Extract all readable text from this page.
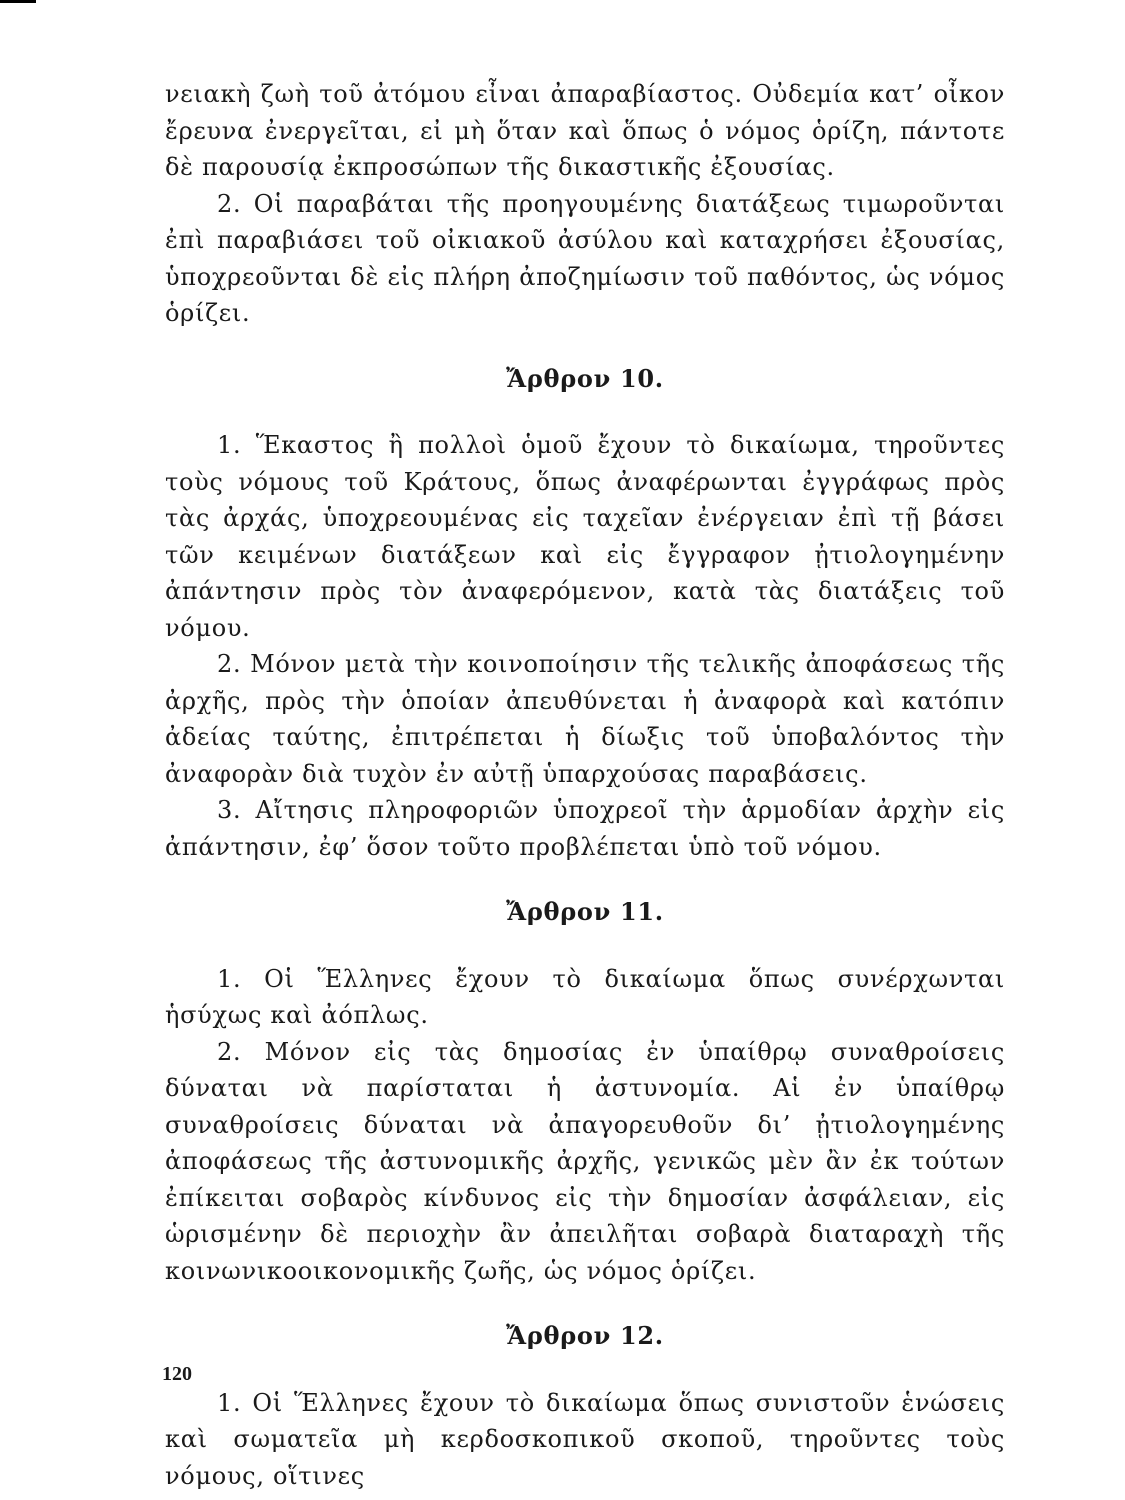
νειακὴ ζωὴ τοῦ ἀτόμου εἶναι ἀπαραβίαστος. Οὐδεμία κατ’ οἶκον ἔρευνα ἐνεργεῖται, εἰ μὴ ὅταν καὶ ὅπως ὁ νόμος ὁρίζη, πάντοτε δὲ παρουσίᾳ ἐκπροσώπων τῆς δικαστικῆς ἐξουσίας.

2. Οἱ παραβάται τῆς προηγουμένης διατάξεως τιμωροῦνται ἐπὶ παραβιάσει τοῦ οἰκιακοῦ ἀσύλου καὶ καταχρήσει ἐξουσίας, ὑποχρεοῦνται δὲ εἰς πλήρη ἀποζημίωσιν τοῦ παθόντος, ὡς νόμος ὁρίζει.

Ἄρθρον 10.

1. Ἕκαστος ἢ πολλοὶ ὁμοῦ ἔχουν τὸ δικαίωμα, τηροῦντες τοὺς νόμους τοῦ Κράτους, ὅπως ἀναφέρωνται ἐγγράφως πρὸς τὰς ἀρχάς, ὑποχρεουμένας εἰς ταχεῖαν ἐνέργειαν ἐπὶ τῇ βάσει τῶν κειμένων διατάξεων καὶ εἰς ἔγγραφον ᾐτιολογημένην ἀπάντησιν πρὸς τὸν ἀναφερόμενον, κατὰ τὰς διατάξεις τοῦ νόμου.

2. Μόνον μετὰ τὴν κοινοποίησιν τῆς τελικῆς ἀποφάσεως τῆς ἀρχῆς, πρὸς τὴν ὁποίαν ἀπευθύνεται ἡ ἀναφορὰ καὶ κατόπιν ἀδείας ταύτης, ἐπιτρέπεται ἡ δίωξις τοῦ ὑποβαλόντος τὴν ἀναφορὰν διὰ τυχὸν ἐν αὐτῇ ὑπαρχούσας παραβάσεις.

3. Αἴτησις πληροφοριῶν ὑποχρεοῖ τὴν ἁρμοδίαν ἀρχὴν εἰς ἀπάντησιν, ἐφ’ ὅσον τοῦτο προβλέπεται ὑπὸ τοῦ νόμου.

Ἄρθρον 11.

1. Οἱ Ἕλληνες ἔχουν τὸ δικαίωμα ὅπως συνέρχωνται ἡσύχως καὶ ἀόπλως.

2. Μόνον εἰς τὰς δημοσίας ἐν ὑπαίθρῳ συναθροίσεις δύναται νὰ παρίσταται ἡ ἀστυνομία. Αἱ ἐν ὑπαίθρῳ συναθροίσεις δύναται νὰ ἀπαγορευθοῦν δι’ ᾐτιολογημένης ἀποφάσεως τῆς ἀστυνομικῆς ἀρχῆς, γενικῶς μὲν ἂν ἐκ τούτων ἐπίκειται σοβαρὸς κίνδυνος εἰς τὴν δημοσίαν ἀσφάλειαν, εἰς ὡρισμένην δὲ περιοχὴν ἂν ἀπειλῆται σοβαρὰ διαταραχὴ τῆς κοινωνικοοικονομικῆς ζωῆς, ὡς νόμος ὁρίζει.

Ἄρθρον 12.

1. Οἱ Ἕλληνες ἔχουν τὸ δικαίωμα ὅπως συνιστοῦν ἑνώσεις καὶ σωματεῖα μὴ κερδοσκοπικοῦ σκοποῦ, τηροῦντες τοὺς νόμους, οἵτινες

120
